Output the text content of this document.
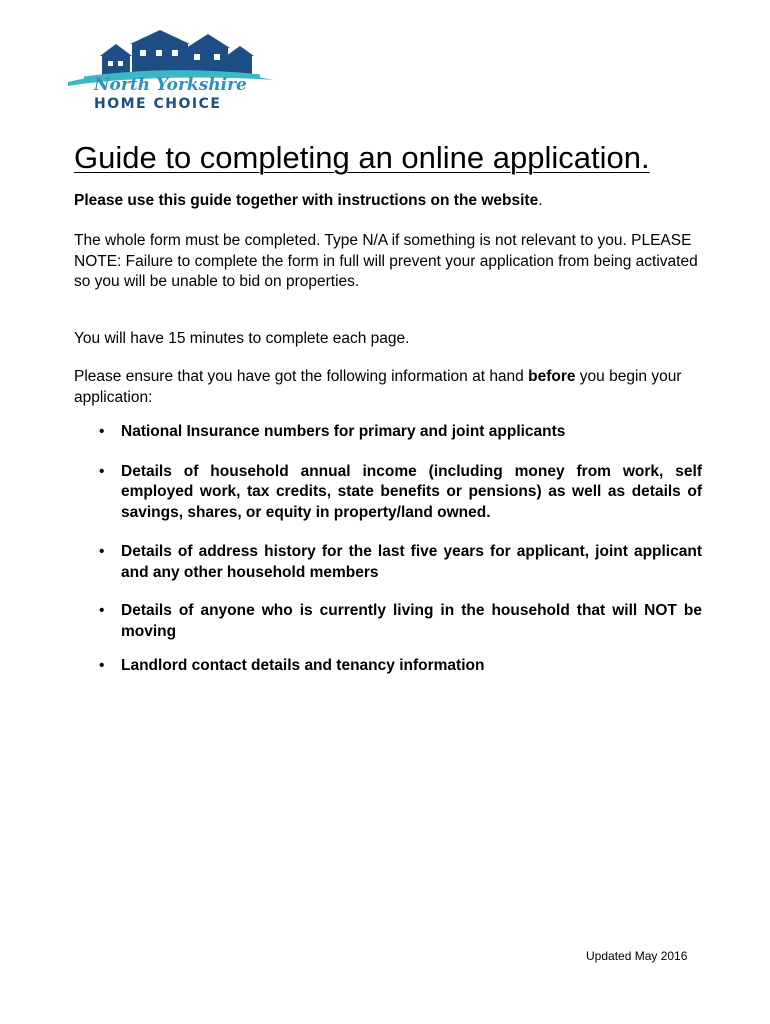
North Yorkshire
HOME CHOICE
Guide to completing an online application.

Please use this guide together with instructions on the website.

The whole form must be completed. Type N/A if something is not relevant to you. PLEASE NOTE: Failure to complete the form in full will prevent your application from being activated so you will be unable to bid on properties.

You will have 15 minutes to complete each page.

Please ensure that you have got the following information at hand before you begin your application:

• National Insurance numbers for primary and joint applicants
• Details of household annual income (including money from work, self employed work, tax credits, state benefits or pensions) as well as details of savings, shares, or equity in property/land owned.
• Details of address history for the last five years for applicant, joint applicant and any other household members
• Details of anyone who is currently living in the household that will NOT be moving
• Landlord contact details and tenancy information

Updated May 2016
